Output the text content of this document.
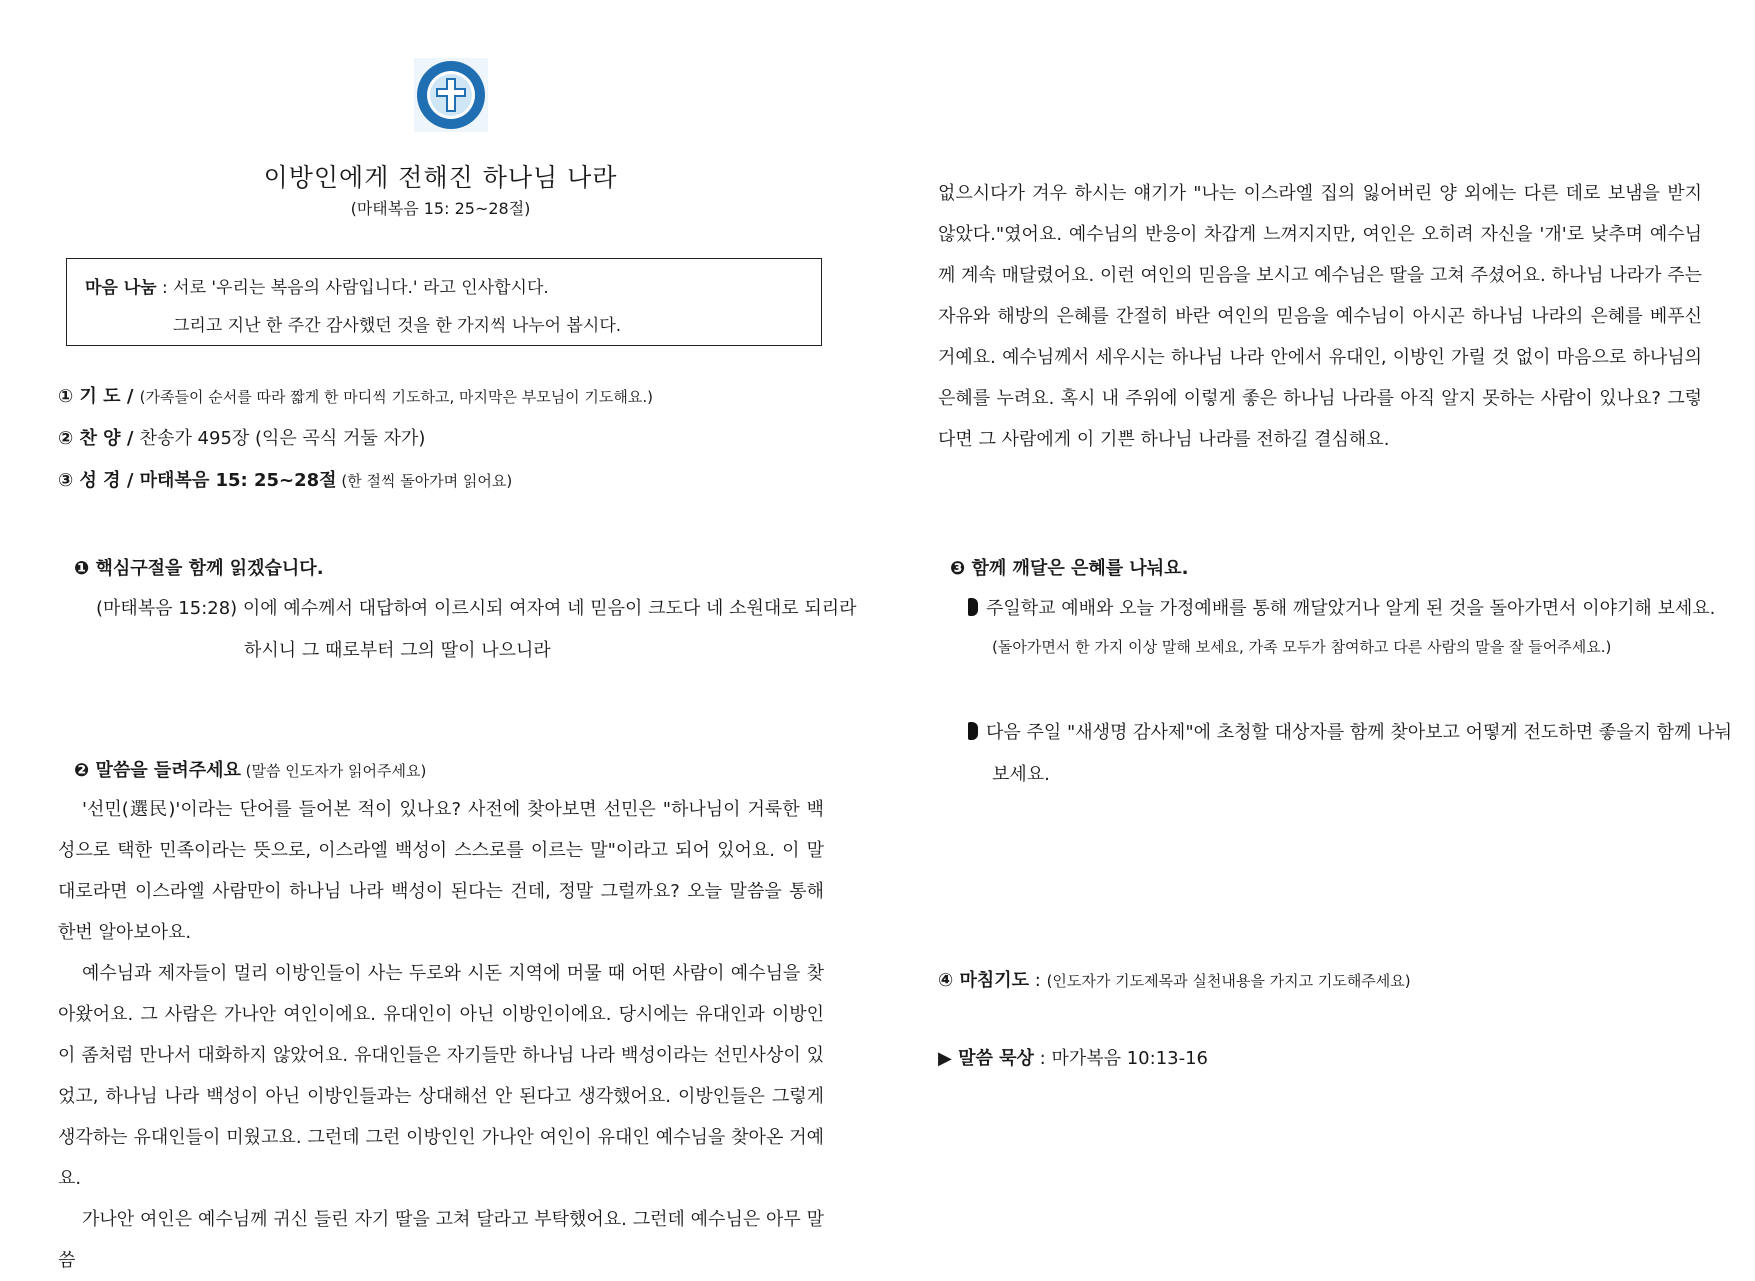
이방인에게 전해진 하나님 나라
(마태복음 15: 25~28절)
마음 나눔 : 서로 '우리는 복음의 사람입니다.' 라고 인사합시다.
그리고 지난 한 주간 감사했던 것을 한 가지씩 나누어 봅시다.
① 기 도 / (가족들이 순서를 따라 짧게 한 마디씩 기도하고, 마지막은 부모님이 기도해요.)
② 찬 양 / 찬송가 495장 (익은 곡식 거둘 자가)
③ 성 경 / 마태복음 15: 25~28절 (한 절씩 돌아가며 읽어요)
❶ 핵심구절을 함께 읽겠습니다.
(마태복음 15:28) 이에 예수께서 대답하여 이르시되 여자여 네 믿음이 크도다 네 소원대로 되리라
하시니 그 때로부터 그의 딸이 나으니라
❷ 말씀을 들려주세요 (말씀 인도자가 읽어주세요)

'선민(選民)'이라는 단어를 들어본 적이 있나요? 사전에 찾아보면 선민은 "하나님이 거룩한 백성으로 택한 민족이라는 뜻으로, 이스라엘 백성이 스스로를 이르는 말"이라고 되어 있어요. 이 말대로라면 이스라엘 사람만이 하나님 나라 백성이 된다는 건데, 정말 그럴까요? 오늘 말씀을 통해 한번 알아보아요.

예수님과 제자들이 멀리 이방인들이 사는 두로와 시돈 지역에 머물 때 어떤 사람이 예수님을 찾아왔어요. 그 사람은 가나안 여인이에요. 유대인이 아닌 이방인이에요. 당시에는 유대인과 이방인이 좀처럼 만나서 대화하지 않았어요. 유대인들은 자기들만 하나님 나라 백성이라는 선민사상이 있었고, 하나님 나라 백성이 아닌 이방인들과는 상대해선 안 된다고 생각했어요. 이방인들은 그렇게 생각하는 유대인들이 미웠고요. 그런데 그런 이방인인 가나안 여인이 유대인 예수님을 찾아온 거예요.

가나안 여인은 예수님께 귀신 들린 자기 딸을 고쳐 달라고 부탁했어요. 그런데 예수님은 아무 말씀

없으시다가 겨우 하시는 얘기가 "나는 이스라엘 집의 잃어버린 양 외에는 다른 데로 보냄을 받지 않았다."였어요. 예수님의 반응이 차갑게 느껴지지만, 여인은 오히려 자신을 '개'로 낮추며 예수님께 계속 매달렸어요. 이런 여인의 믿음을 보시고 예수님은 딸을 고쳐 주셨어요. 하나님 나라가 주는 자유와 해방의 은혜를 간절히 바란 여인의 믿음을 예수님이 아시곤 하나님 나라의 은혜를 베푸신 거예요. 예수님께서 세우시는 하나님 나라 안에서 유대인, 이방인 가릴 것 없이 마음으로 하나님의 은혜를 누려요. 혹시 내 주위에 이렇게 좋은 하나님 나라를 아직 알지 못하는 사람이 있나요? 그렇다면 그 사람에게 이 기쁜 하나님 나라를 전하길 결심해요.

❸ 함께 깨달은 은혜를 나눠요.
주일학교 예배와 오늘 가정예배를 통해 깨달았거나 알게 된 것을 돌아가면서 이야기해 보세요.
(돌아가면서 한 가지 이상 말해 보세요, 가족 모두가 참여하고 다른 사람의 말을 잘 들어주세요.)
다음 주일 "새생명 감사제"에 초청할 대상자를 함께 찾아보고 어떻게 전도하면 좋을지 함께 나눠
보세요.
④ 마침기도 : (인도자가 기도제목과 실천내용을 가지고 기도해주세요)
▶ 말씀 묵상 : 마가복음 10:13-16
